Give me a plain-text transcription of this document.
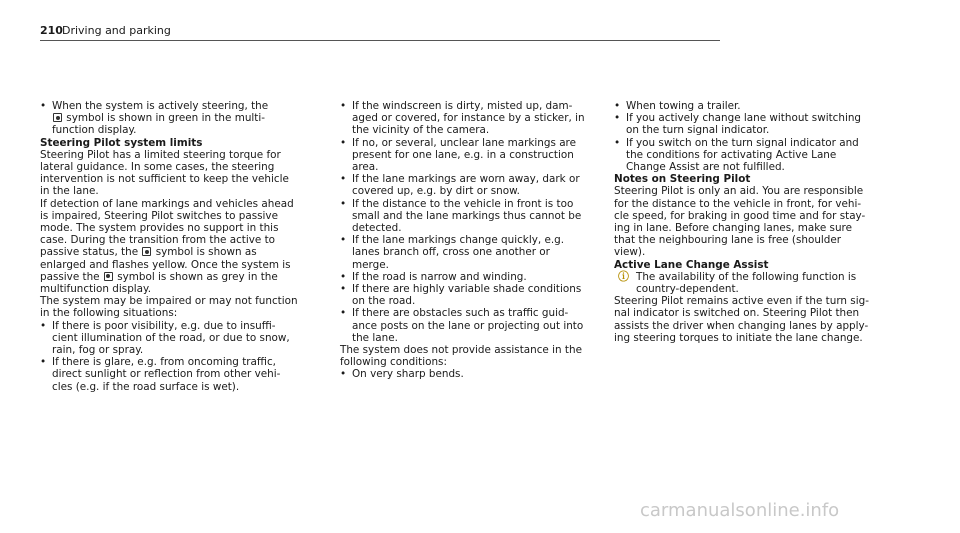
210 Driving and parking
• When the system is actively steering, the
symbol is shown in green in the multi-
function display.
Steering Pilot system limits
Steering Pilot has a limited steering torque for
lateral guidance. In some cases, the steering
intervention is not sufficient to keep the vehicle
in the lane.
If detection of lane markings and vehicles ahead
is impaired, Steering Pilot switches to passive
mode. The system provides no support in this
case. During the transition from the active to
passive status, the  symbol is shown as
enlarged and flashes yellow. Once the system is
passive the  symbol is shown as grey in the
multifunction display.
The system may be impaired or may not function
in the following situations:
• If there is poor visibility, e.g. due to insuffi-
cient illumination of the road, or due to snow,
rain, fog or spray.
• If there is glare, e.g. from oncoming traffic,
direct sunlight or reflection from other vehi-
cles (e.g. if the road surface is wet).
• If the windscreen is dirty, misted up, dam-
aged or covered, for instance by a sticker, in
the vicinity of the camera.
• If no, or several, unclear lane markings are
present for one lane, e.g. in a construction
area.
• If the lane markings are worn away, dark or
covered up, e.g. by dirt or snow.
• If the distance to the vehicle in front is too
small and the lane markings thus cannot be
detected.
• If the lane markings change quickly, e.g.
lanes branch off, cross one another or
merge.
• If the road is narrow and winding.
• If there are highly variable shade conditions
on the road.
• If there are obstacles such as traffic guid-
ance posts on the lane or projecting out into
the lane.
The system does not provide assistance in the
following conditions:
• On very sharp bends.
• When towing a trailer.
• If you actively change lane without switching
on the turn signal indicator.
• If you switch on the turn signal indicator and
the conditions for activating Active Lane
Change Assist are not fulfilled.
Notes on Steering Pilot
Steering Pilot is only an aid. You are responsible
for the distance to the vehicle in front, for vehi-
cle speed, for braking in good time and for stay-
ing in lane. Before changing lanes, make sure
that the neighbouring lane is free (shoulder
view).
Active Lane Change Assist
ⓘ The availability of the following function is
country-dependent.
Steering Pilot remains active even if the turn sig-
nal indicator is switched on. Steering Pilot then
assists the driver when changing lanes by apply-
ing steering torques to initiate the lane change.
carmanualsonline.info
